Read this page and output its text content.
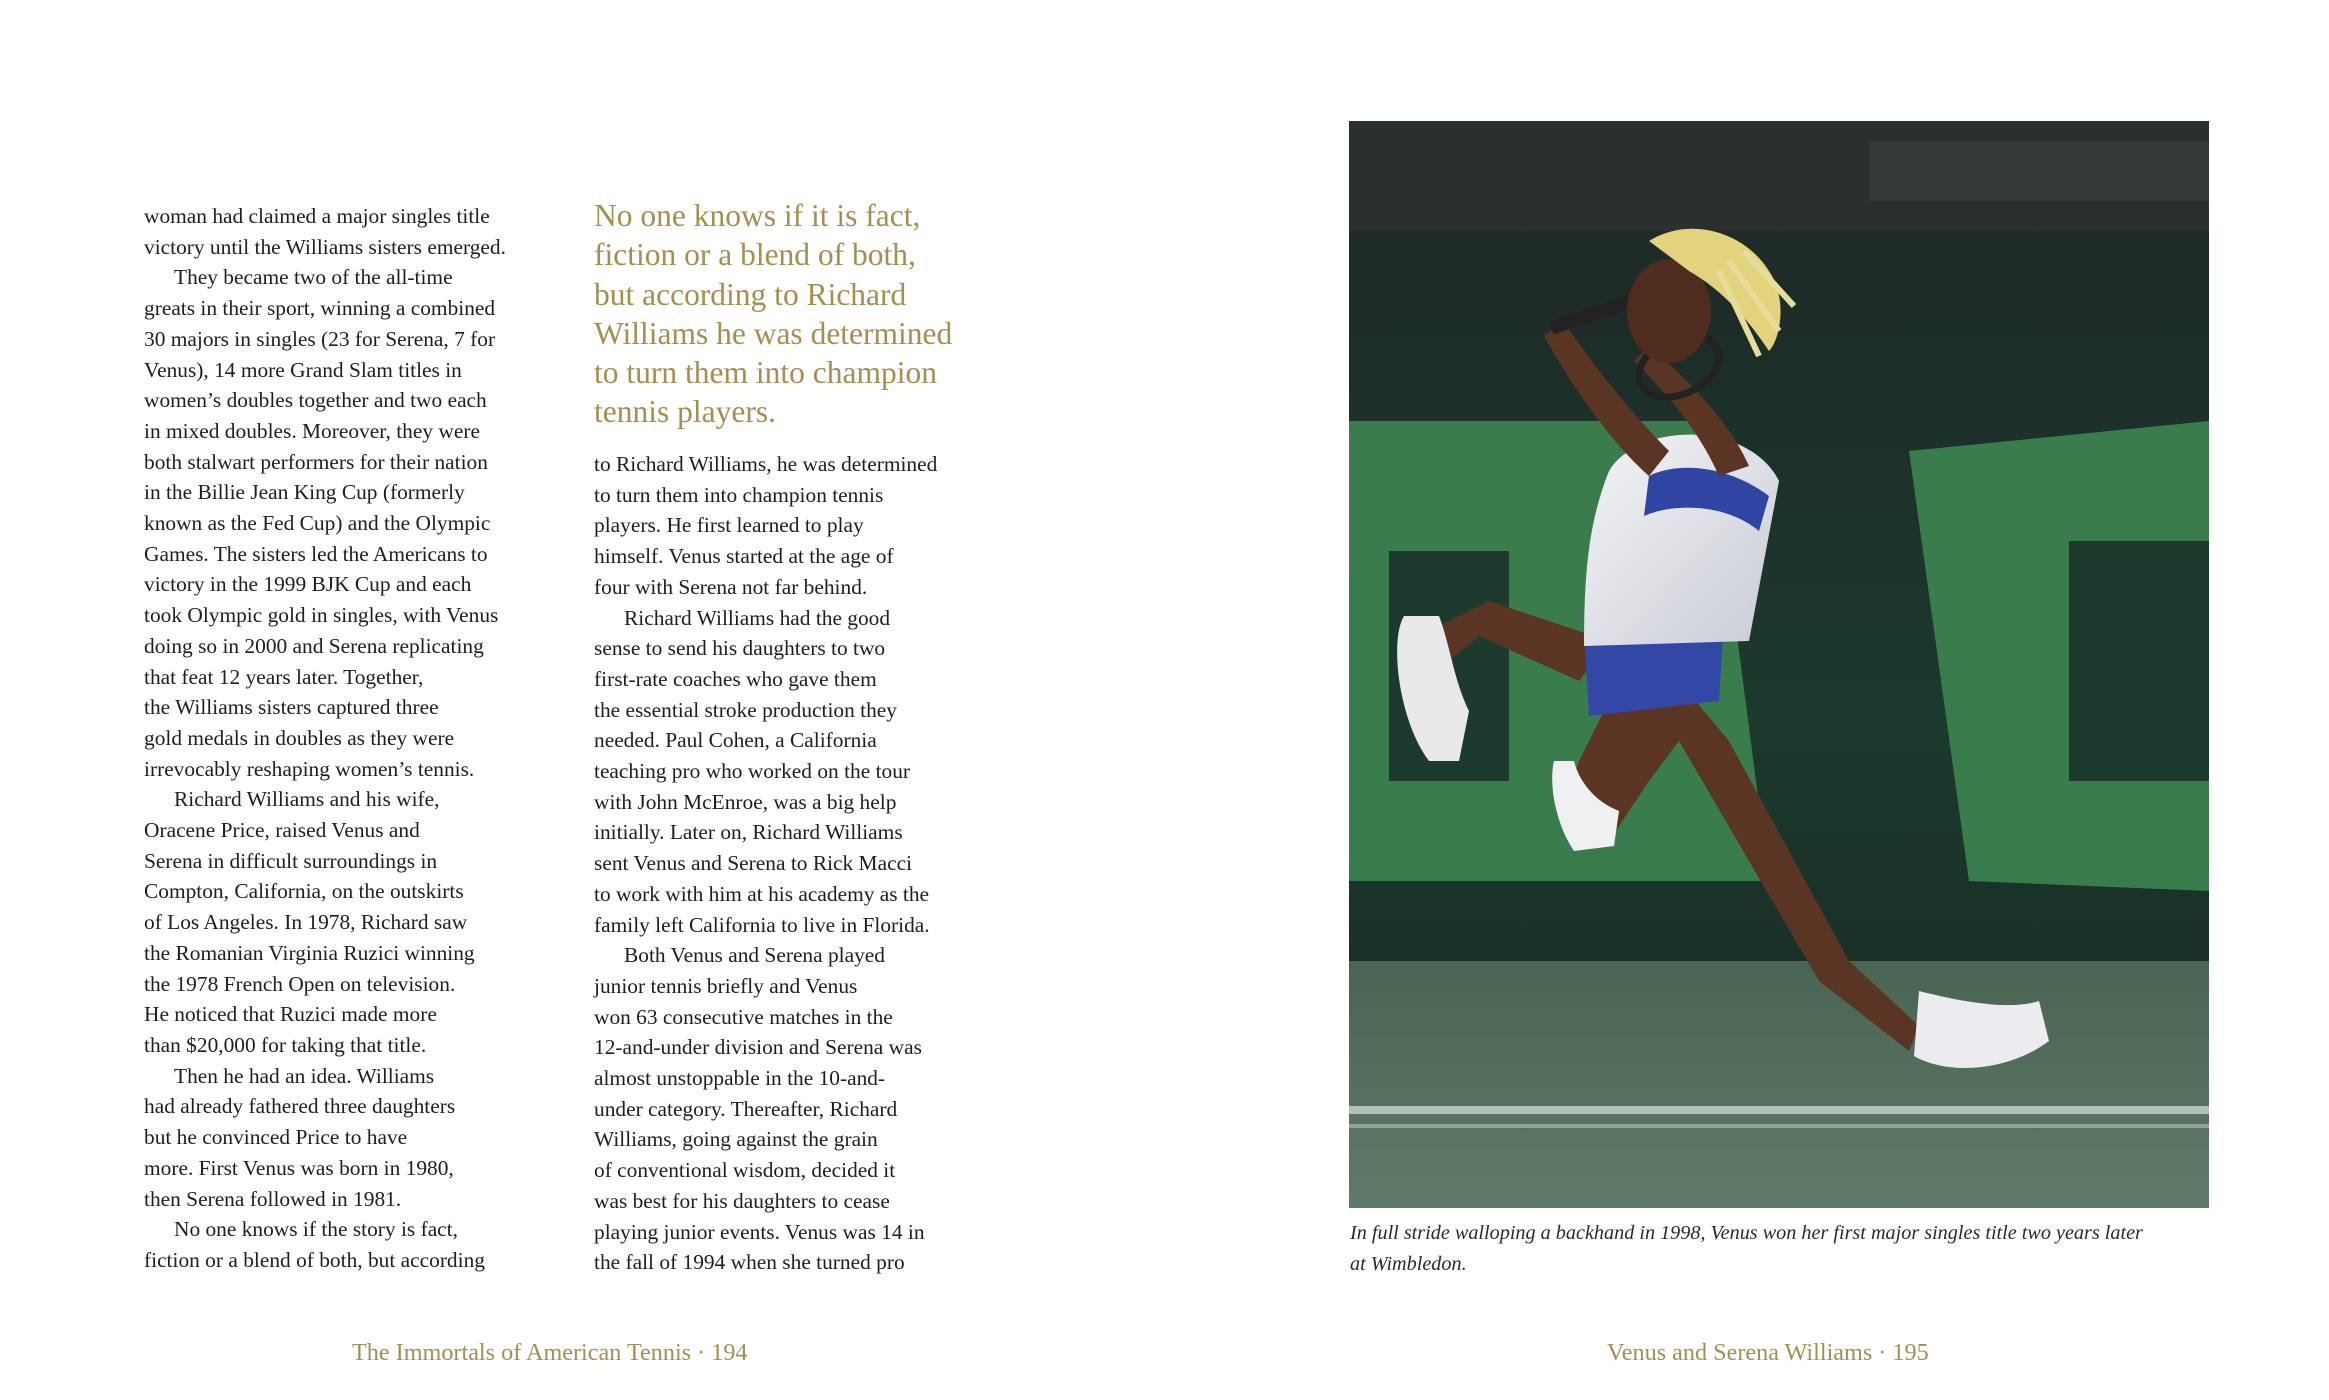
woman had claimed a major singles title
victory until the Williams sisters emerged.
They became two of the all-time
greats in their sport, winning a combined
30 majors in singles (23 for Serena, 7 for
Venus), 14 more Grand Slam titles in
women’s doubles together and two each
in mixed doubles. Moreover, they were
both stalwart performers for their nation
in the Billie Jean King Cup (formerly
known as the Fed Cup) and the Olympic
Games. The sisters led the Americans to
victory in the 1999 BJK Cup and each
took Olympic gold in singles, with Venus
doing so in 2000 and Serena replicating
that feat 12 years later. Together,
the Williams sisters captured three
gold medals in doubles as they were
irrevocably reshaping women’s tennis.
Richard Williams and his wife,
Oracene Price, raised Venus and
Serena in difficult surroundings in
Compton, California, on the outskirts
of Los Angeles. In 1978, Richard saw
the Romanian Virginia Ruzici winning
the 1978 French Open on television.
He noticed that Ruzici made more
than $20,000 for taking that title.
Then he had an idea. Williams
had already fathered three daughters
but he convinced Price to have
more. First Venus was born in 1980,
then Serena followed in 1981.
No one knows if the story is fact,
fiction or a blend of both, but according
No one knows if it is fact,
fiction or a blend of both,
but according to Richard
Williams he was determined
to turn them into champion
tennis players.
to Richard Williams, he was determined
to turn them into champion tennis
players. He first learned to play
himself. Venus started at the age of
four with Serena not far behind.
Richard Williams had the good
sense to send his daughters to two
first-rate coaches who gave them
the essential stroke production they
needed. Paul Cohen, a California
teaching pro who worked on the tour
with John McEnroe, was a big help
initially. Later on, Richard Williams
sent Venus and Serena to Rick Macci
to work with him at his academy as the
family left California to live in Florida.
Both Venus and Serena played
junior tennis briefly and Venus
won 63 consecutive matches in the
12-and-under division and Serena was
almost unstoppable in the 10-and-
under category. Thereafter, Richard
Williams, going against the grain
of conventional wisdom, decided it
was best for his daughters to cease
playing junior events. Venus was 14 in
the fall of 1994 when she turned pro
In full stride walloping a backhand in 1998, Venus won her first major singles title two years later
at Wimbledon.
The Immortals of American Tennis · 194	Venus and Serena Williams · 195
